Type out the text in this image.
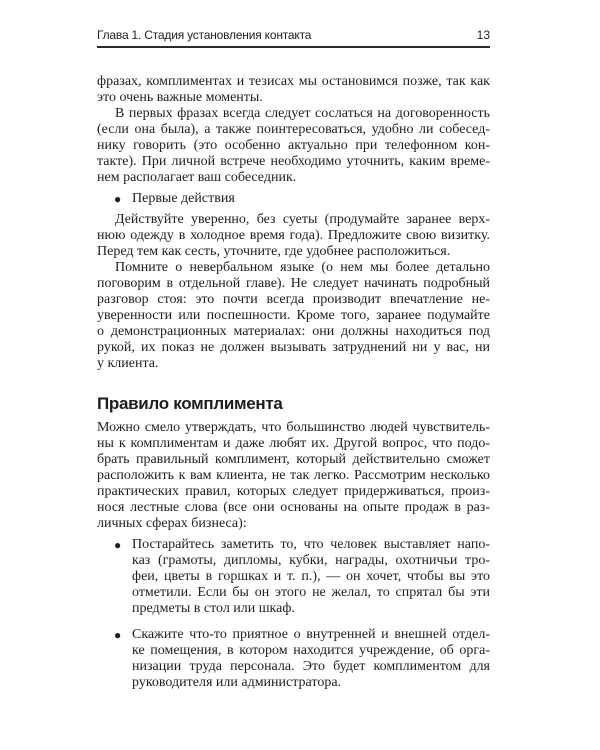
Глава 1. Стадия установления контакта	13
фразах, комплиментах и тезисах мы остановимся позже, так как
это очень важные моменты.
В первых фразах всегда следует сослаться на договоренность
(если она была), а также поинтересоваться, удобно ли собесед-
нику говорить (это особенно актуально при телефонном кон-
такте). При личной встрече необходимо уточнить, каким време-
нем располагает ваш собеседник.
● Первые действия
Действуйте уверенно, без суеты (продумайте заранее верх-
нюю одежду в холодное время года). Предложите свою визитку.
Перед тем как сесть, уточните, где удобнее расположиться.
Помните о невербальном языке (о нем мы более детально
поговорим в отдельной главе). Не следует начинать подробный
разговор стоя: это почти всегда производит впечатление не-
уверенности или поспешности. Кроме того, заранее подумайте
о демонстрационных материалах: они должны находиться под
рукой, их показ не должен вызывать затруднений ни у вас, ни
у клиента.
Правило комплимента
Можно смело утверждать, что большинство людей чувствитель-
ны к комплиментам и даже любят их. Другой вопрос, что подо-
брать правильный комплимент, который действительно сможет
расположить к вам клиента, не так легко. Рассмотрим несколько
практических правил, которых следует придерживаться, произ-
нося лестные слова (все они основаны на опыте продаж в раз-
личных сферах бизнеса):
● Постарайтесь заметить то, что человек выставляет напо-
каз (грамоты, дипломы, кубки, награды, охотничьи тро-
феи, цветы в горшках и т. п.), — он хочет, чтобы вы это
отметили. Если бы он этого не желал, то спрятал бы эти
предметы в стол или шкаф.
● Скажите что-то приятное о внутренней и внешней отдел-
ке помещения, в котором находится учреждение, об орга-
низации труда персонала. Это будет комплиментом для
руководителя или администратора.
